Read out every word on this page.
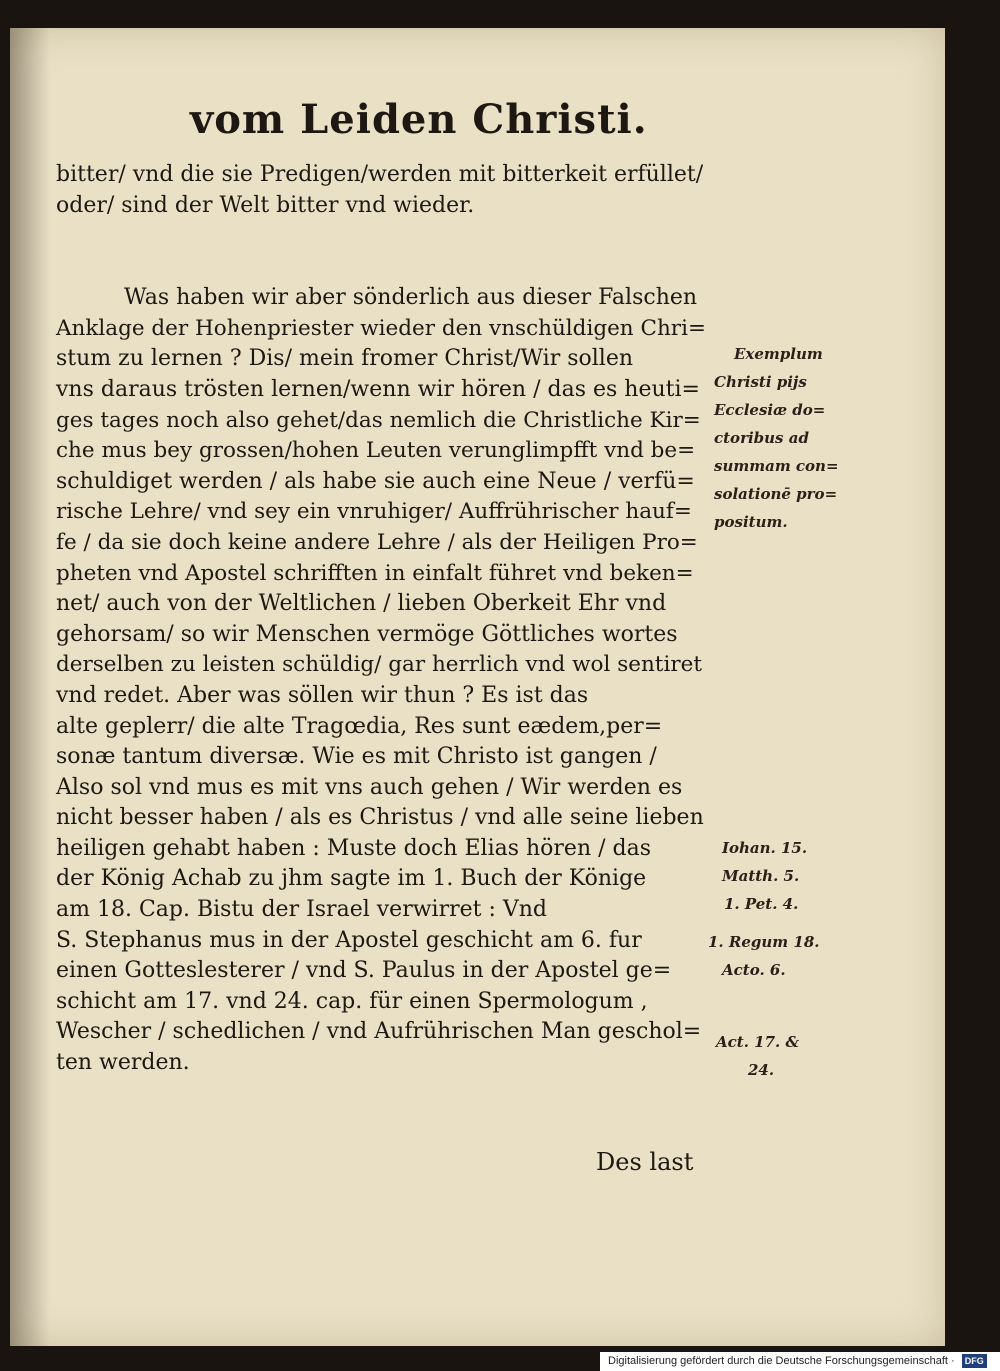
vom Leiden Christi.
bitter/ vnd die sie Predigen/werden mit bitterkeit erfüllet/
oder/ sind der Welt bitter vnd wieder.
Was haben wir aber sönderlich aus dieser Falschen
Anklage der Hohenpriester wieder den vnschüldigen Chri=
stum zu lernen ? Dis/ mein fromer Christ/Wir sollen
vns daraus trösten lernen/wenn wir hören / das es heuti=
ges tages noch also gehet/das nemlich die Christliche Kir=
che mus bey grossen/hohen Leuten verunglimpfft vnd be=
schuldiget werden / als habe sie auch eine Neue / verfü=
rische Lehre/ vnd sey ein vnruhiger/ Auffrührischer hauf=
fe / da sie doch keine andere Lehre / als der Heiligen Pro=
pheten vnd Apostel schrifften in einfalt führet vnd beken=
net/ auch von der Weltlichen / lieben Oberkeit Ehr vnd
gehorsam/ so wir Menschen vermöge Göttliches wortes
derselben zu leisten schüldig/ gar herrlich vnd wol sentiret
vnd redet. Aber was söllen wir thun ? Es ist das
alte geplerr/ die alte Tragœdia, Res sunt eædem,per=
sonæ tantum diversæ. Wie es mit Christo ist gangen /
Also sol vnd mus es mit vns auch gehen / Wir werden es
nicht besser haben / als es Christus / vnd alle seine lieben
heiligen gehabt haben : Muste doch Elias hören / das
der König Achab zu jhm sagte im 1. Buch der Könige
am 18. Cap. Bistu der Israel verwirret : Vnd
S. Stephanus mus in der Apostel geschicht am 6. fur
einen Gotteslesterer / vnd S. Paulus in der Apostel ge=
schicht am 17. vnd 24. cap. für einen Spermologum ,
Wescher / schedlichen / vnd Aufrührischen Man geschol=
ten werden.
Exemplum
Christi pijs
Ecclesiæ do=
ctoribus ad
summam con=
solationē pro=
positum.
Iohan. 15.
Matth. 5.
1. Pet. 4.
1. Regum 18.
Acto. 6.
Act. 17. &
24.
Des last
Digitalisierung gefördert durch die Deutsche Forschungsgemeinschaft · DFG
